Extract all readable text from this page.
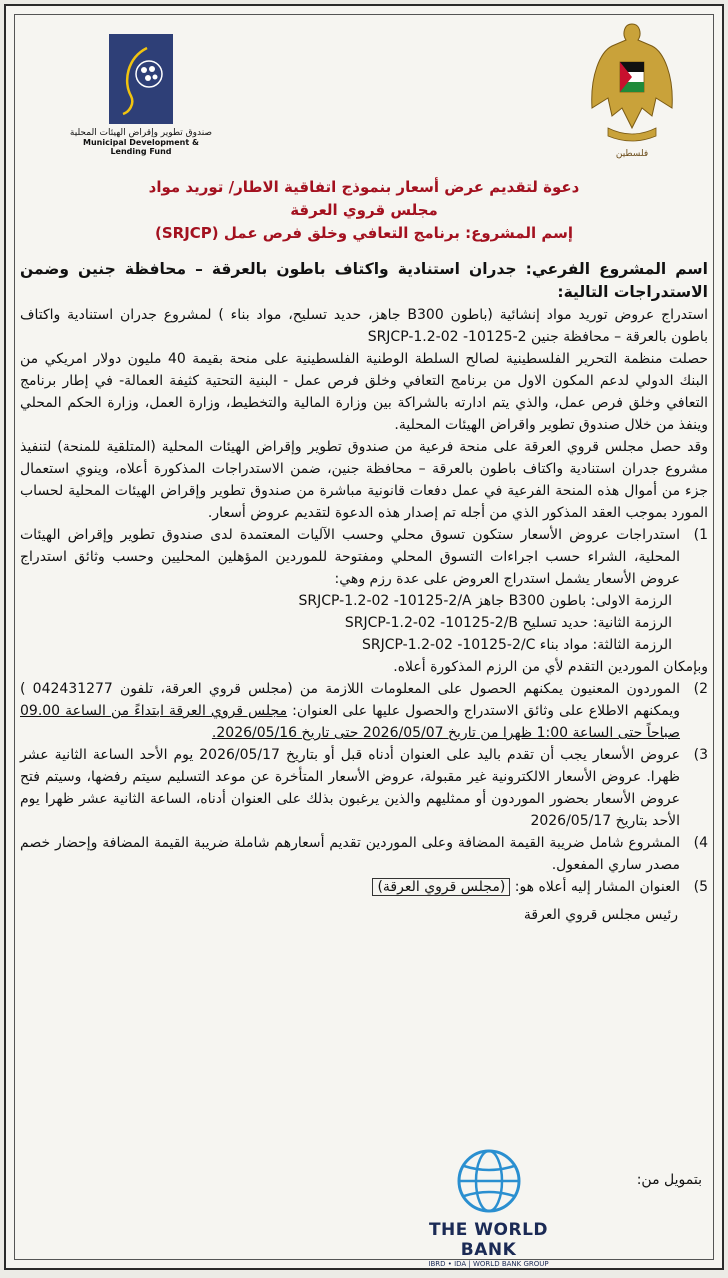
صندوق تطوير وإقراض الهيئات المحلية
Municipal Development & Lending Fund	فلسطين
دعوة لتقديم عرض أسعار بنموذج اتفاقية الاطار/ توريد مواد
مجلس قروي العرقة
إسم المشروع: برنامج التعافي وخلق فرص عمل (SRJCP)

اسم المشروع الفرعي: جدران استنادية واكتاف باطون بالعرقة – محافظة جنين وضمن الاستدراجات التالية:

استدراج عروض توريد مواد إنشائية (باطون B300 جاهز، حديد تسليح، مواد بناء ) لمشروع جدران استنادية واكتاف باطون بالعرقة – محافظة جنين 2-10125- SRJCP-1.2-02

حصلت منظمة التحرير الفلسطينية لصالح السلطة الوطنية الفلسطينية على منحة بقيمة 40 مليون دولار امريكي من البنك الدولي لدعم المكون الاول من برنامج التعافي وخلق فرص عمل - البنية التحتية كثيفة العمالة- في إطار برنامج التعافي وخلق فرص عمل، والذي يتم ادارته بالشراكة بين وزارة المالية والتخطيط، وزارة العمل، وزارة الحكم المحلي وينفذ من خلال صندوق تطوير واقراض الهيئات المحلية.

وقد حصل مجلس قروي العرقة على منحة فرعية من صندوق تطوير وإقراض الهيئات المحلية (المتلقية للمنحة) لتنفيذ مشروع جدران استنادية واكتاف باطون بالعرقة – محافظة جنين، ضمن الاستدراجات المذكورة أعلاه، وينوي استعمال جزء من أموال هذه المنحة الفرعية في عمل دفعات قانونية مباشرة من صندوق تطوير وإقراض الهيئات المحلية لحساب المورد بموجب العقد المذكور الذي من أجله تم إصدار هذه الدعوة لتقديم عروض أسعار.

1)
استدراجات عروض الأسعار ستكون تسوق محلي وحسب الآليات المعتمدة لدى صندوق تطوير وإقراض الهيئات المحلية، الشراء حسب اجراءات التسوق المحلي ومفتوحة للموردين المؤهلين المحليين وحسب وثائق استدراج عروض الأسعار يشمل استدراج العروض على عدة رزم وهي:
الرزمة الاولى: باطون B300 جاهز SRJCP-1.2-02 -10125-2/A
الرزمة الثانية: حديد تسليح SRJCP-1.2-02 -10125-2/B
الرزمة الثالثة: مواد بناء SRJCP-1.2-02 -10125-2/C

وبإمكان الموردين التقدم لأي من الرزم المذكورة أعلاه.

2)
الموردون المعنيون يمكنهم الحصول على المعلومات اللازمة من (مجلس قروي العرقة، تلفون 042431277 ) ويمكنهم الاطلاع على وثائق الاستدراج والحصول عليها على العنوان: مجلس قروي العرقة ابتداءً من الساعة 09.00 صباحاً حتى الساعة 1:00 ظهرا من تاريخ 2026/05/07 حتى تاريخ 2026/05/16.
3)
عروض الأسعار يجب أن تقدم باليد على العنوان أدناه قبل أو بتاريخ 2026/05/17 يوم الأحد الساعة الثانية عشر ظهرا. عروض الأسعار الالكترونية غير مقبولة، عروض الأسعار المتأخرة عن موعد التسليم سيتم رفضها، وسيتم فتح عروض الأسعار بحضور الموردون أو ممثليهم والذين يرغبون بذلك على العنوان أدناه، الساعة الثانية عشر ظهرا يوم الأحد بتاريخ 2026/05/17
4)
المشروع شامل ضريبة القيمة المضافة وعلى الموردين تقديم أسعارهم شاملة ضريبة القيمة المضافة وإحضار خصم مصدر ساري المفعول.
5)
العنوان المشار إليه أعلاه هو: (مجلس قروي العرقة)

رئيس مجلس قروي العرقة

بتمويل من:
THE WORLD BANK
IBRD • IDA | WORLD BANK GROUP
